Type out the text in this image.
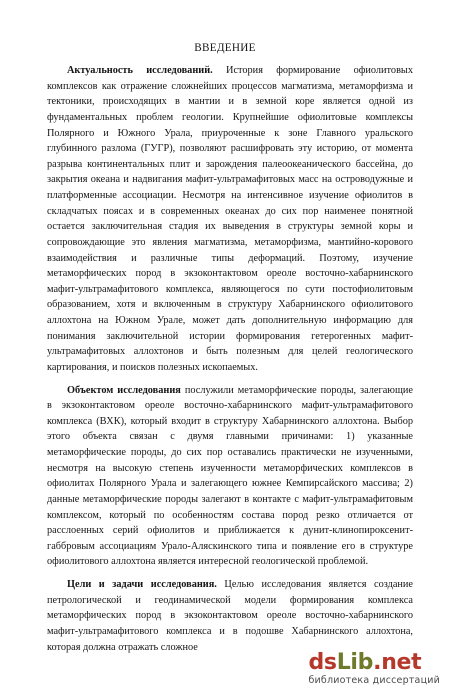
ВВЕДЕНИЕ

Актуальность исследований. История формирование офиолитовых комплексов как отражение сложнейших процессов магматизма, метаморфизма и тектоники, происходящих в мантии и в земной коре является одной из фундаментальных проблем геологии. Крупнейшие офиолитовые комплексы Полярного и Южного Урала, приуроченные к зоне Главного уральского глубинного разлома (ГУГР), позволяют расшифровать эту историю, от момента разрыва континентальных плит и зарождения палеоокеанического бассейна, до закрытия океана и надвигания мафит-ультрамафитовых масс на островодужные и платформенные ассоциации. Несмотря на интенсивное изучение офиолитов в складчатых поясах и в современных океанах до сих пор наименее понятной остается заключительная стадия их выведения в структуры земной коры и сопровождающие это явления магматизма, метаморфизма, мантийно-корового взаимодействия и различные типы деформаций. Поэтому, изучение метаморфических пород в экзоконтактовом ореоле восточно-хабарнинского мафит-ультрамафитового комплекса, являющегося по сути постофиолитовым образованием, хотя и включенным в структуру Хабарнинского офиолитового аллохтона на Южном Урале, может дать дополнительную информацию для понимания заключительной истории формирования гетерогенных мафит-ультрамафитовых аллохтонов и быть полезным для целей геологического картирования, и поисков полезных ископаемых.

Объектом исследования послужили метаморфические породы, залегающие в экзоконтактовом ореоле восточно-хабарнинского мафит-ультрамафитового комплекса (ВХК), который входит в структуру Хабарнинского аллохтона. Выбор этого объекта связан с двумя главными причинами: 1) указанные метаморфические породы, до сих пор оставались практически не изученными, несмотря на высокую степень изученности метаморфических комплексов в офиолитах Полярного Урала и залегающего южнее Кемпирсайского массива; 2) данные метаморфические породы залегают в контакте с мафит-ультрамафитовым комплексом, который по особенностям состава пород резко отличается от расслоенных серий офиолитов и приближается к дунит-клинопироксенит-габбровым ассоциациям Урало-Аляскинского типа и появление его в структуре офиолитового аллохтона является интересной геологической проблемой.

Цели и задачи исследования. Целью исследования является создание петрологической и геодинамической модели формирования комплекса метаморфических пород в экзоконтактовом ореоле восточно-хабарнинского мафит-ультрамафитового комплекса и в подошве Хабарнинского аллохтона, которая должна отражать сложное

ds Lib . net
библиотека диссертаций
